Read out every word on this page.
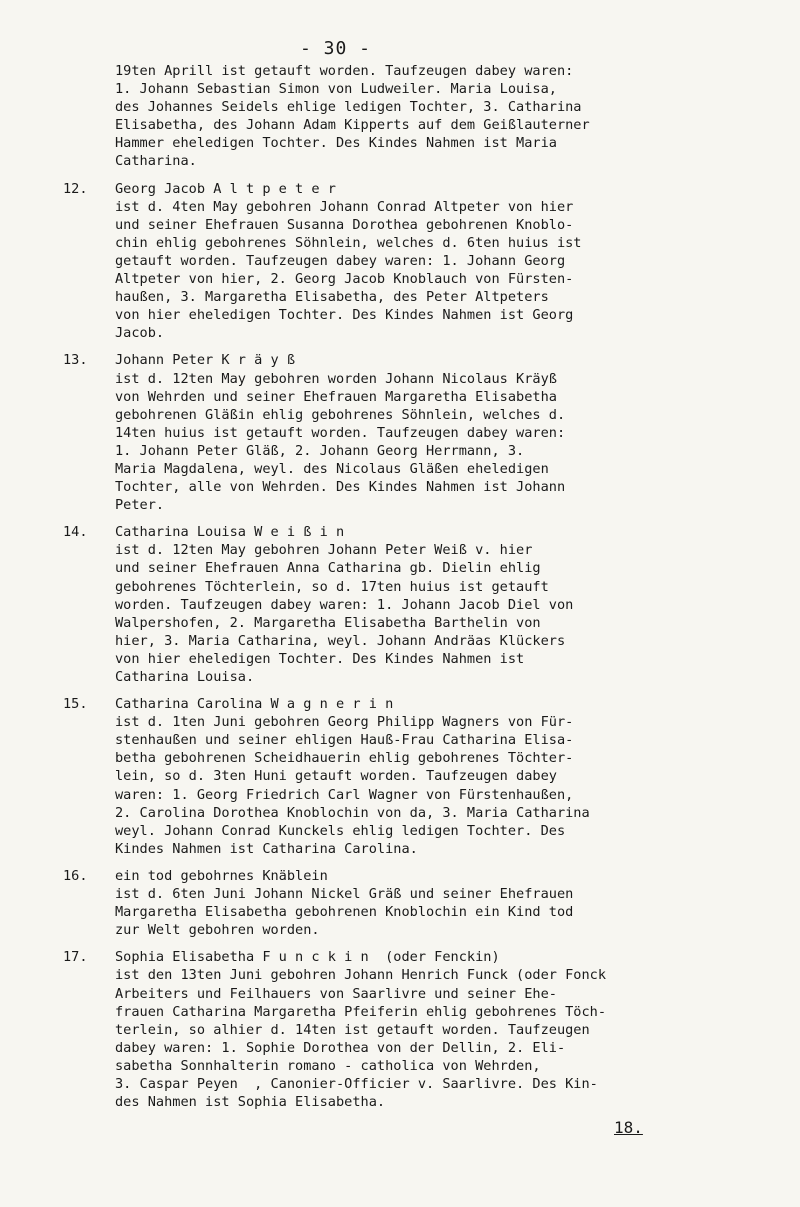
- 30 -
19ten Aprill ist getauft worden. Taufzeugen dabey waren:
1. Johann Sebastian Simon von Ludweiler. Maria Louisa,
des Johannes Seidels ehlige ledigen Tochter, 3. Catharina
Elisabetha, des Johann Adam Kipperts auf dem Geißlauterner
Hammer eheledigen Tochter. Des Kindes Nahmen ist Maria
Catharina.
12. Georg Jacob A l t p e t e r
ist d. 4ten May gebohren Johann Conrad Altpeter von hier
und seiner Ehefrauen Susanna Dorothea gebohrenen Knoblo-
chin ehlig gebohrenes Söhnlein, welches d. 6ten huius ist
getauft worden. Taufzeugen dabey waren: 1. Johann Georg
Altpeter von hier, 2. Georg Jacob Knoblauch von Fürsten-
haußen, 3. Margaretha Elisabetha, des Peter Altpeters
von hier eheledigen Tochter. Des Kindes Nahmen ist Georg
Jacob.
13. Johann Peter K r ä y ß
ist d. 12ten May gebohren worden Johann Nicolaus Kräyß
von Wehrden und seiner Ehefrauen Margaretha Elisabetha
gebohrenen Gläßin ehlig gebohrenes Söhnlein, welches d.
14ten huius ist getauft worden. Taufzeugen dabey waren:
1. Johann Peter Gläß, 2. Johann Georg Herrmann, 3.
Maria Magdalena, weyl. des Nicolaus Gläßen eheledigen
Tochter, alle von Wehrden. Des Kindes Nahmen ist Johann
Peter.
14. Catharina Louisa W e i ß i n
ist d. 12ten May gebohren Johann Peter Weiß v. hier
und seiner Ehefrauen Anna Catharina gb. Dielin ehlig
gebohrenes Töchterlein, so d. 17ten huius ist getauft
worden. Taufzeugen dabey waren: 1. Johann Jacob Diel von
Walpershofen, 2. Margaretha Elisabetha Barthelin von
hier, 3. Maria Catharina, weyl. Johann Andräas Klückers
von hier eheledigen Tochter. Des Kindes Nahmen ist
Catharina Louisa.
15. Catharina Carolina W a g n e r i n
ist d. 1ten Juni gebohren Georg Philipp Wagners von Für-
stenhaußen und seiner ehligen Hauß-Frau Catharina Elisa-
betha gebohrenen Scheidhauerin ehlig gebohrenes Töchter-
lein, so d. 3ten Huni getauft worden. Taufzeugen dabey
waren: 1. Georg Friedrich Carl Wagner von Fürstenhaußen,
2. Carolina Dorothea Knoblochin von da, 3. Maria Catharina
weyl. Johann Conrad Kunckels ehlig ledigen Tochter. Des
Kindes Nahmen ist Catharina Carolina.
16. ein tod gebohrnes Knäblein
ist d. 6ten Juni Johann Nickel Gräß und seiner Ehefrauen
Margaretha Elisabetha gebohrenen Knoblochin ein Kind tod
zur Welt gebohren worden.
17. Sophia Elisabetha F u n c k i n  (oder Fenckin)
ist den 13ten Juni gebohren Johann Henrich Funck (oder Fonck
Arbeiters und Feilhauers von Saarlivre und seiner Ehe-
frauen Catharina Margaretha Pfeiferin ehlig gebohrenes Töch-
terlein, so alhier d. 14ten ist getauft worden. Taufzeugen
dabey waren: 1. Sophie Dorothea von der Dellin, 2. Eli-
sabetha Sonnhalterin romano - catholica von Wehrden,
3. Caspar Peyen  , Canonier-Officier v. Saarlivre. Des Kin-
des Nahmen ist Sophia Elisabetha.
18.
